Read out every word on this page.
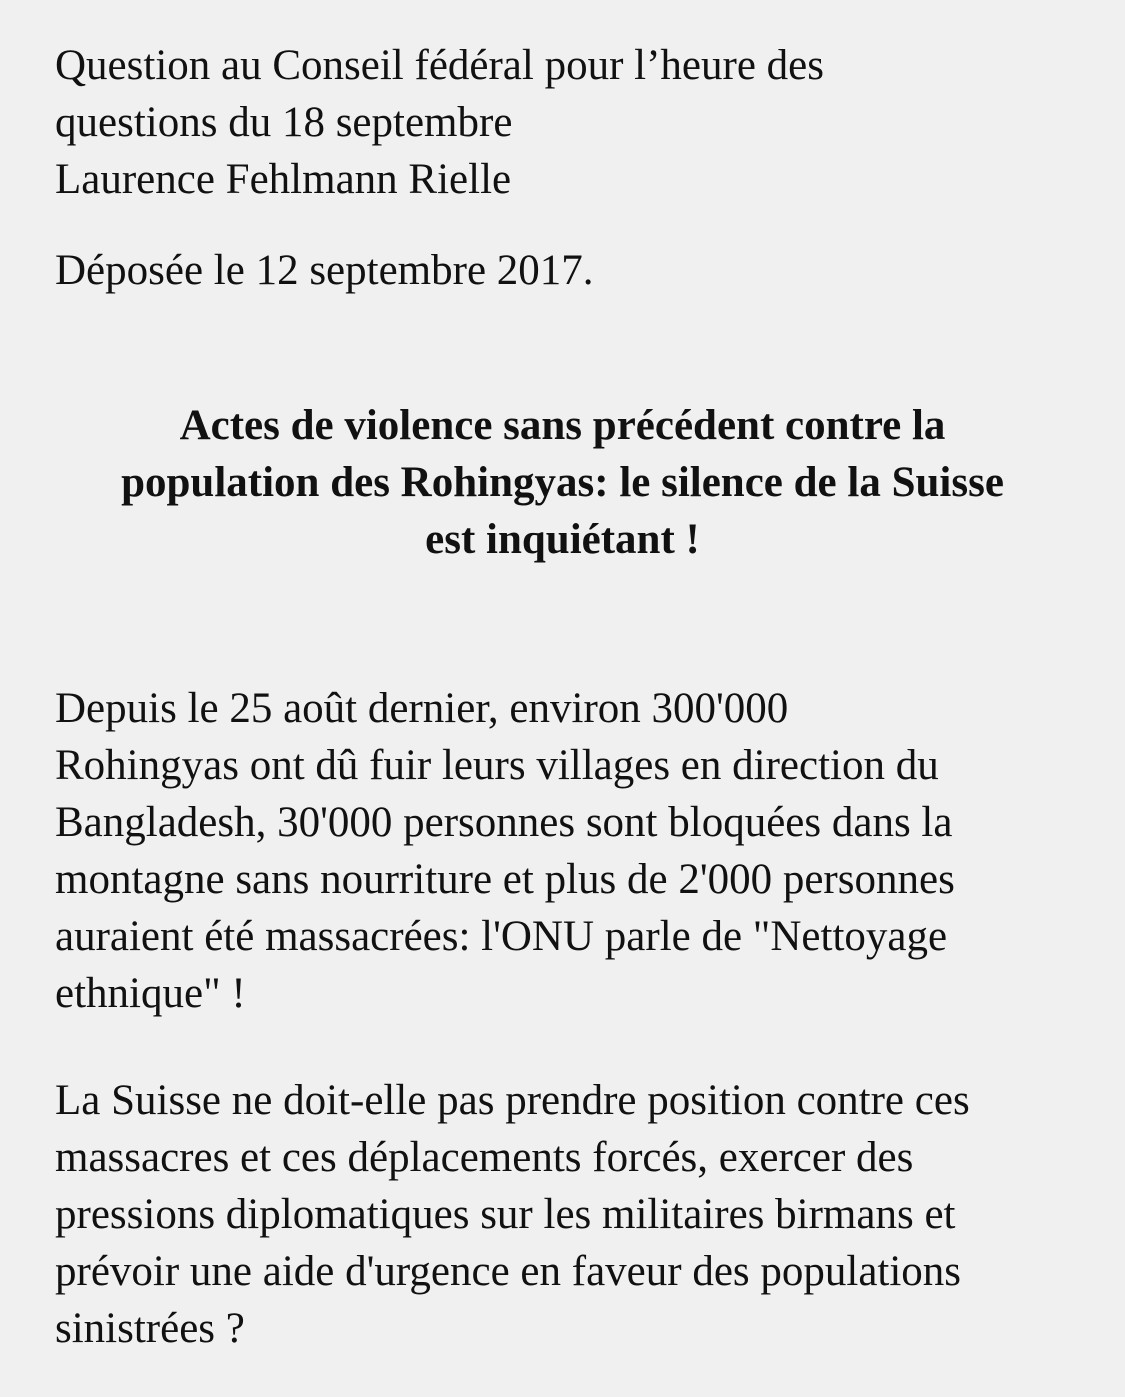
Question au Conseil fédéral pour l’heure des
questions du 18 septembre
Laurence Fehlmann Rielle
Déposée le 12 septembre 2017.
Actes de violence sans précédent contre la
population des Rohingyas: le silence de la Suisse
est inquiétant !
Depuis le 25 août dernier, environ 300'000
Rohingyas ont dû fuir leurs villages en direction du
Bangladesh, 30'000 personnes sont bloquées dans la
montagne sans nourriture et plus de 2'000 personnes
auraient été massacrées: l'ONU parle de "Nettoyage
ethnique" !
La Suisse ne doit-elle pas prendre position contre ces
massacres et ces déplacements forcés, exercer des
pressions diplomatiques sur les militaires birmans et
prévoir une aide d'urgence en faveur des populations
sinistrées ?
